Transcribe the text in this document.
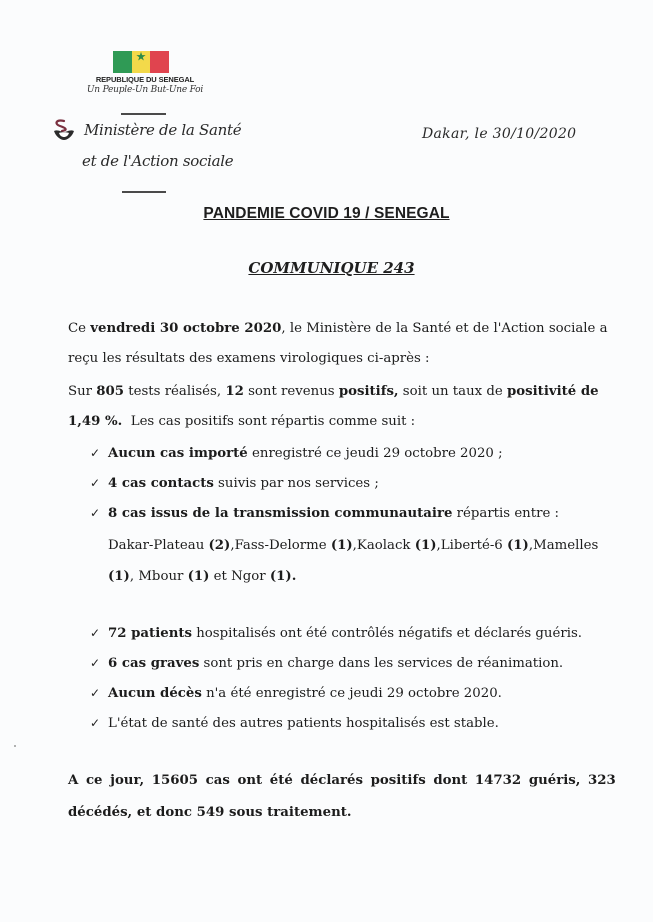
★
REPUBLIQUE DU SENEGAL
Un Peuple-Un But-Une Foi
Ministère de la Santé
et de l'Action sociale
Dakar, le 30/10/2020
PANDEMIE COVID 19 / SENEGAL
COMMUNIQUE 243
Ce vendredi 30 octobre 2020, le Ministère de la Santé et de l'Action sociale a
reçu les résultats des examens virologiques ci-après :
Sur 805 tests réalisés, 12 sont revenus positifs, soit un taux de positivité de
1,49 %.  Les cas positifs sont répartis comme suit :
✓ Aucun cas importé enregistré ce jeudi 29 octobre 2020 ;
✓ 4 cas contacts suivis par nos services ;
✓ 8 cas issus de la transmission communautaire répartis entre :
Dakar-Plateau (2), Fass-Delorme (1), Kaolack (1), Liberté-6 (1), Mamelles
(1), Mbour (1) et Ngor (1).
✓ 72 patients hospitalisés ont été contrôlés négatifs et déclarés guéris.
✓ 6 cas graves sont pris en charge dans les services de réanimation.
✓ Aucun décès n'a été enregistré ce jeudi 29 octobre 2020.
✓ L'état de santé des autres patients hospitalisés est stable.
A ce jour, 15605 cas ont été déclarés positifs dont 14732 guéris, 323
décédés, et donc 549 sous traitement.
